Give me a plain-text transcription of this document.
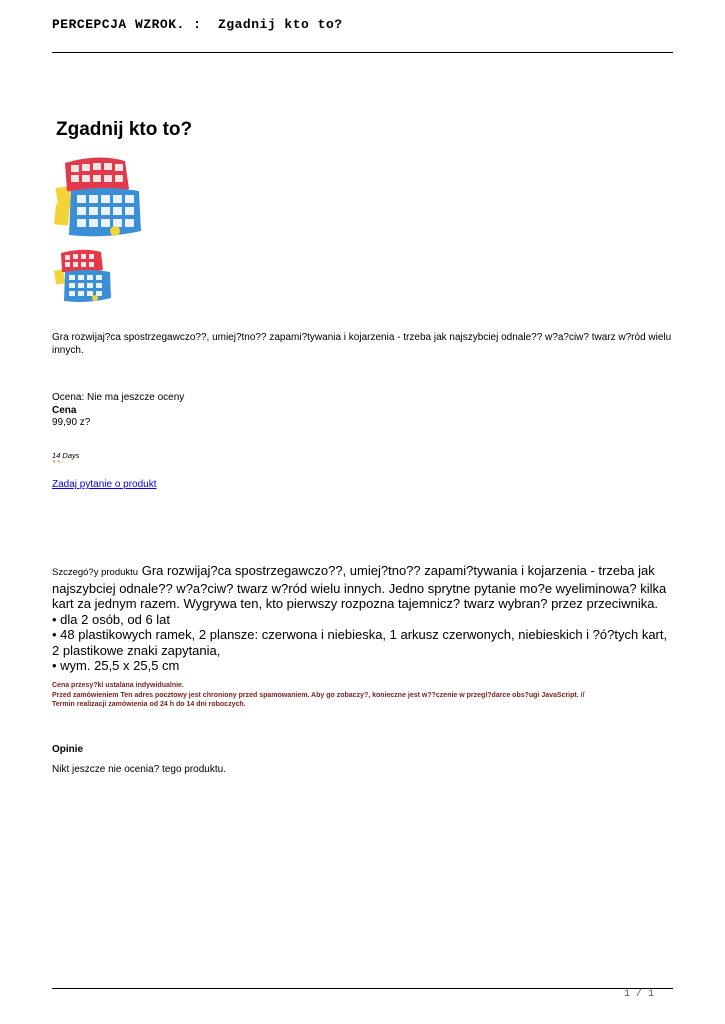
PERCEPCJA WZROK. :  Zgadnij kto to?
Zgadnij kto to?
Gra rozwijaj?ca spostrzegawczo??, umiej?tno?? zapami?tywania i kojarzenia - trzeba jak najszybciej odnale?? w?a?ciw? twarz w?ród wielu innych.
Ocena: Nie ma jeszcze oceny
Cena
99,90 z?
14 Days
★★☆☆☆
Zadaj pytanie o produkt
Szczegó?y produktu Gra rozwijaj?ca spostrzegawczo??, umiej?tno?? zapami?tywania i kojarzenia - trzeba jak najszybciej odnale?? w?a?ciw? twarz w?ród wielu innych. Jedno sprytne pytanie mo?e wyeliminowa? kilka kart za jednym razem. Wygrywa ten, kto pierwszy rozpozna tajemnicz? twarz wybran? przez przeciwnika.
• dla 2 osób, od 6 lat
• 48 plastikowych ramek, 2 plansze: czerwona i niebieska, 1 arkusz czerwonych, niebieskich i ?ó?tych kart, 2 plastikowe znaki zapytania,
• wym. 25,5 x 25,5 cm
Cena przesy?ki ustalana indywidualnie.
Przed zamówieniem Ten adres pocztowy jest chroniony przed spamowaniem. Aby go zobaczy?, konieczne jest w??czenie w przegl?darce obs?ugi JavaScript. //
Termin realizacji zamówienia od 24 h do 14 dni roboczych.
Opinie
Nikt jeszcze nie ocenia? tego produktu.
1 / 1
